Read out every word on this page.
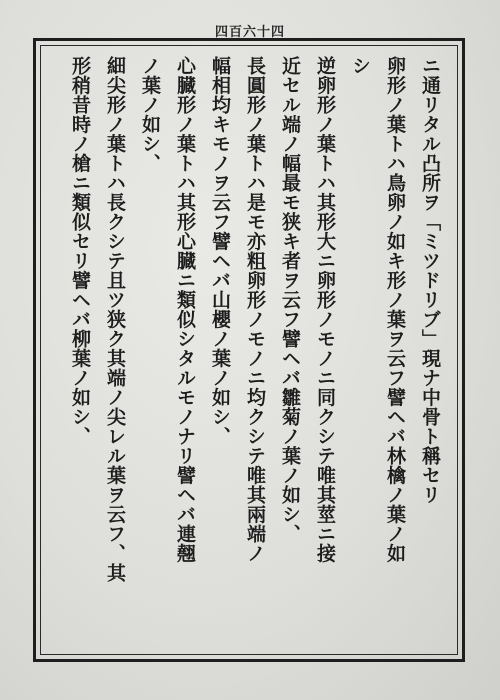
四百六十四
ニ通リタル凸所ヲ「ミツドリブ」現ナ中骨ト稱セリ
卵形ノ葉トハ鳥卵ノ如キ形ノ葉ヲ云フ譬ヘバ林檎ノ葉ノ如
シ
逆卵形ノ葉トハ其形大ニ卵形ノモノニ同クシテ唯其莖ニ接
近セル端ノ幅最モ狭キ者ヲ云フ譬ヘバ雛菊ノ葉ノ如シ、
長圓形ノ葉トハ是モ亦粗卵形ノモノニ均クシテ唯其兩端ノ
幅相均キモノヲ云フ譬ヘバ山櫻ノ葉ノ如シ、
心臓形ノ葉トハ其形心臓ニ類似シタルモノナリ譬ヘバ連翹
ノ葉ノ如シ、
細尖形ノ葉トハ長クシテ且ツ狭ク其端ノ尖レル葉ヲ云フ、其
形稍昔時ノ槍ニ類似セリ譬ヘバ柳葉ノ如シ、
